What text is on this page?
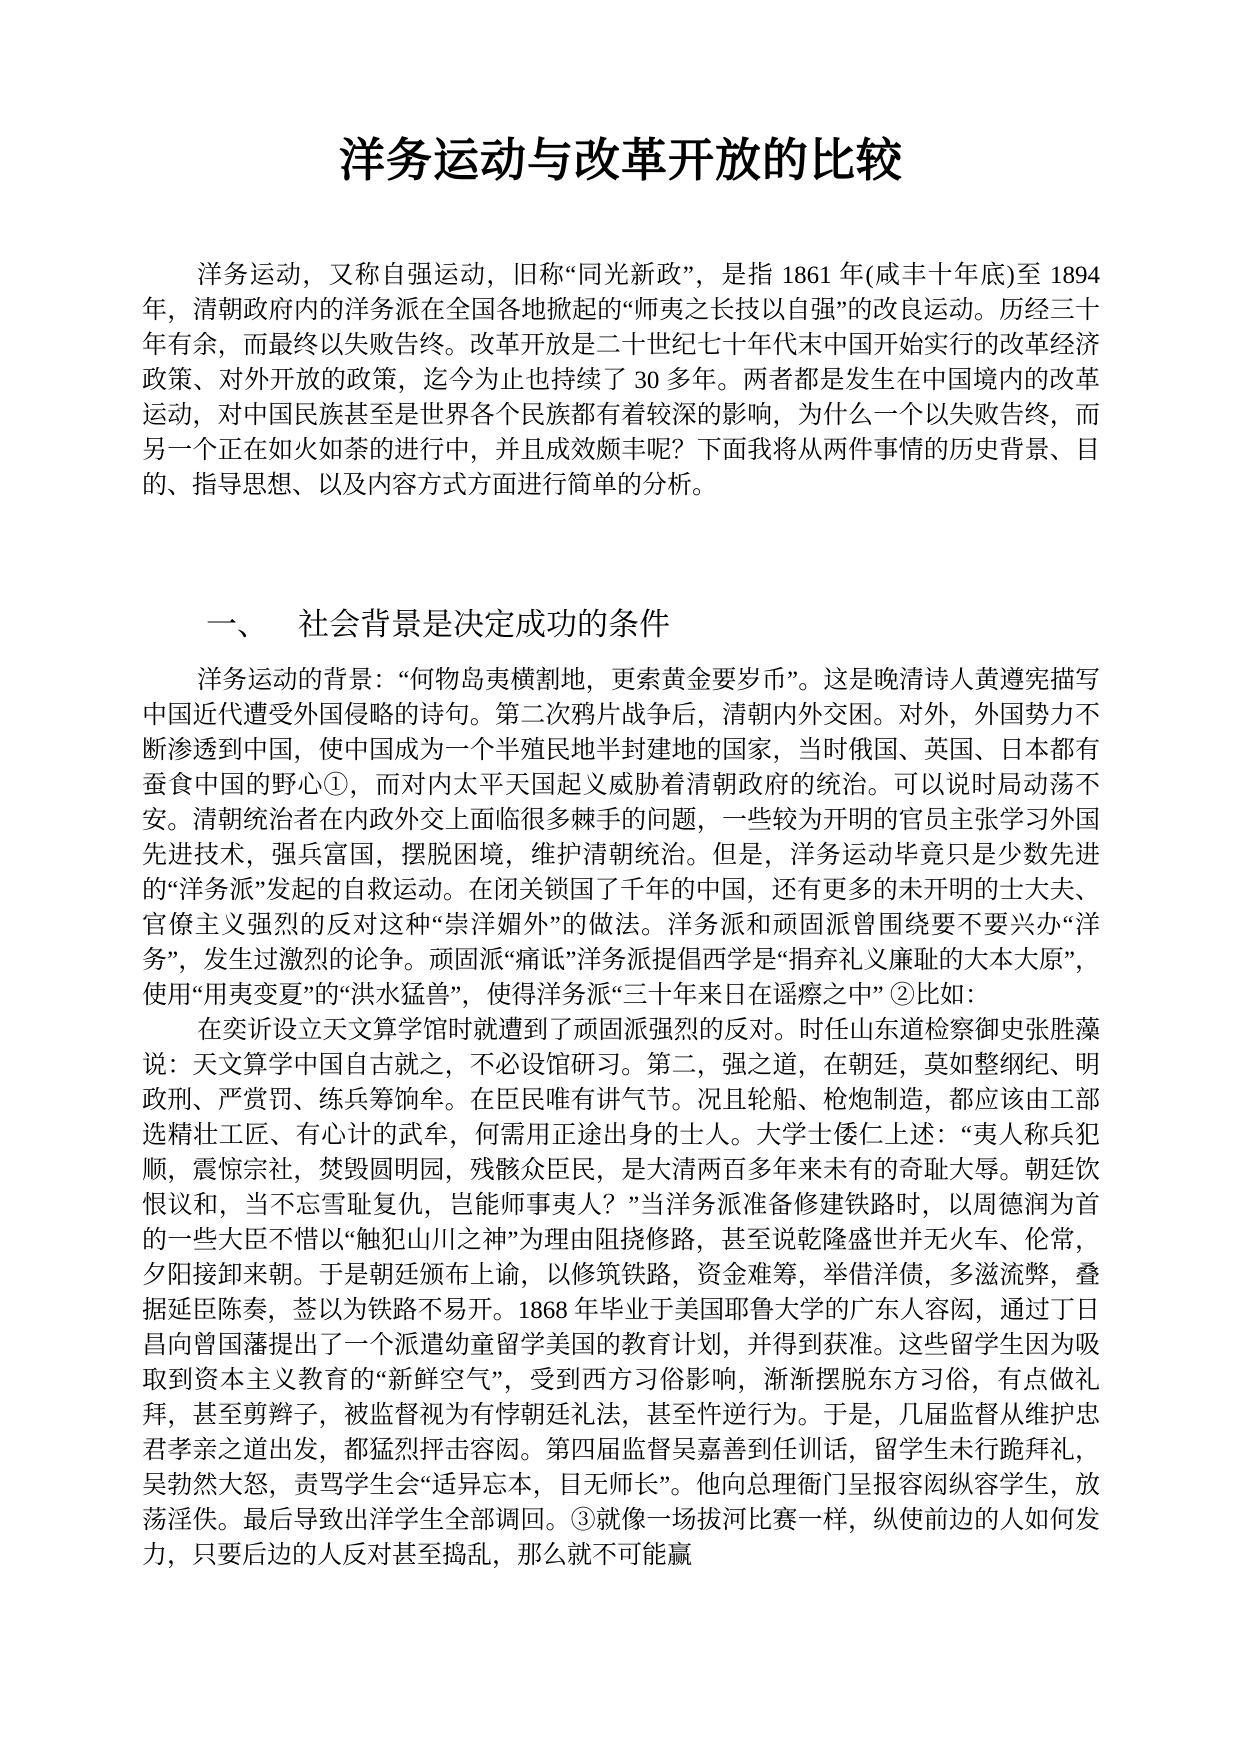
洋务运动与改革开放的比较

洋务运动，又称自强运动，旧称“同光新政”，是指 1861 年(咸丰十年底)至 1894 年，清朝政府内的洋务派在全国各地掀起的“师夷之长技以自强”的改良运动。历经三十年有余，而最终以失败告终。改革开放是二十世纪七十年代末中国开始实行的改革经济政策、对外开放的政策，迄今为止也持续了 30 多年。两者都是发生在中国境内的改革运动，对中国民族甚至是世界各个民族都有着较深的影响，为什么一个以失败告终，而另一个正在如火如荼的进行中，并且成效颇丰呢？下面我将从两件事情的历史背景、目的、指导思想、以及内容方式方面进行简单的分析。

一、 社会背景是决定成功的条件

洋务运动的背景：“何物岛夷横割地，更索黄金要岁币”。这是晚清诗人黄遵宪描写中国近代遭受外国侵略的诗句。第二次鸦片战争后，清朝内外交困。对外，外国势力不断渗透到中国，使中国成为一个半殖民地半封建地的国家，当时俄国、英国、日本都有蚕食中国的野心①，而对内太平天国起义威胁着清朝政府的统治。可以说时局动荡不安。清朝统治者在内政外交上面临很多棘手的问题，一些较为开明的官员主张学习外国先进技术，强兵富国，摆脱困境，维护清朝统治。但是，洋务运动毕竟只是少数先进的“洋务派”发起的自救运动。在闭关锁国了千年的中国，还有更多的未开明的士大夫、官僚主义强烈的反对这种“崇洋媚外”的做法。洋务派和顽固派曾围绕要不要兴办“洋务”，发生过激烈的论争。顽固派“痛诋”洋务派提倡西学是“捐弃礼义廉耻的大本大原”，使用“用夷变夏”的“洪水猛兽”，使得洋务派“三十年来日在谣瘵之中” ②比如：

在奕䜣设立天文算学馆时就遭到了顽固派强烈的反对。时任山东道检察御史张胜藻说：天文算学中国自古就之，不必设馆研习。第二，强之道，在朝廷，莫如整纲纪、明政刑、严赏罚、练兵筹饷牟。在臣民唯有讲气节。况且轮船、枪炮制造，都应该由工部选精壮工匠、有心计的武牟，何需用正途出身的士人。大学士倭仁上述：“夷人称兵犯顺，震惊宗社，焚毁圆明园，残骸众臣民，是大清两百多年来未有的奇耻大辱。朝廷饮恨议和，当不忘雪耻复仇，岂能师事夷人？”当洋务派准备修建铁路时，以周德润为首的一些大臣不惜以“触犯山川之神”为理由阻挠修路，甚至说乾隆盛世并无火车、伦常，夕阳接卸来朝。于是朝廷颁布上谕，以修筑铁路，资金难筹，举借洋债，多滋流弊，叠据延臣陈奏，莶以为铁路不易开。1868 年毕业于美国耶鲁大学的广东人容闳，通过丁日昌向曾国藩提出了一个派遣幼童留学美国的教育计划，并得到获准。这些留学生因为吸取到资本主义教育的“新鲜空气”，受到西方习俗影响，渐渐摆脱东方习俗，有点做礼拜，甚至剪辫子，被监督视为有悖朝廷礼法，甚至忤逆行为。于是，几届监督从维护忠君孝亲之道出发，都猛烈抨击容闳。第四届监督吴嘉善到任训话，留学生未行跪拜礼，吴勃然大怒，责骂学生会“适异忘本，目无师长”。他向总理衙门呈报容闳纵容学生，放荡淫佚。最后导致出洋学生全部调回。③就像一场拔河比赛一样，纵使前边的人如何发力，只要后边的人反对甚至捣乱，那么就不可能赢
